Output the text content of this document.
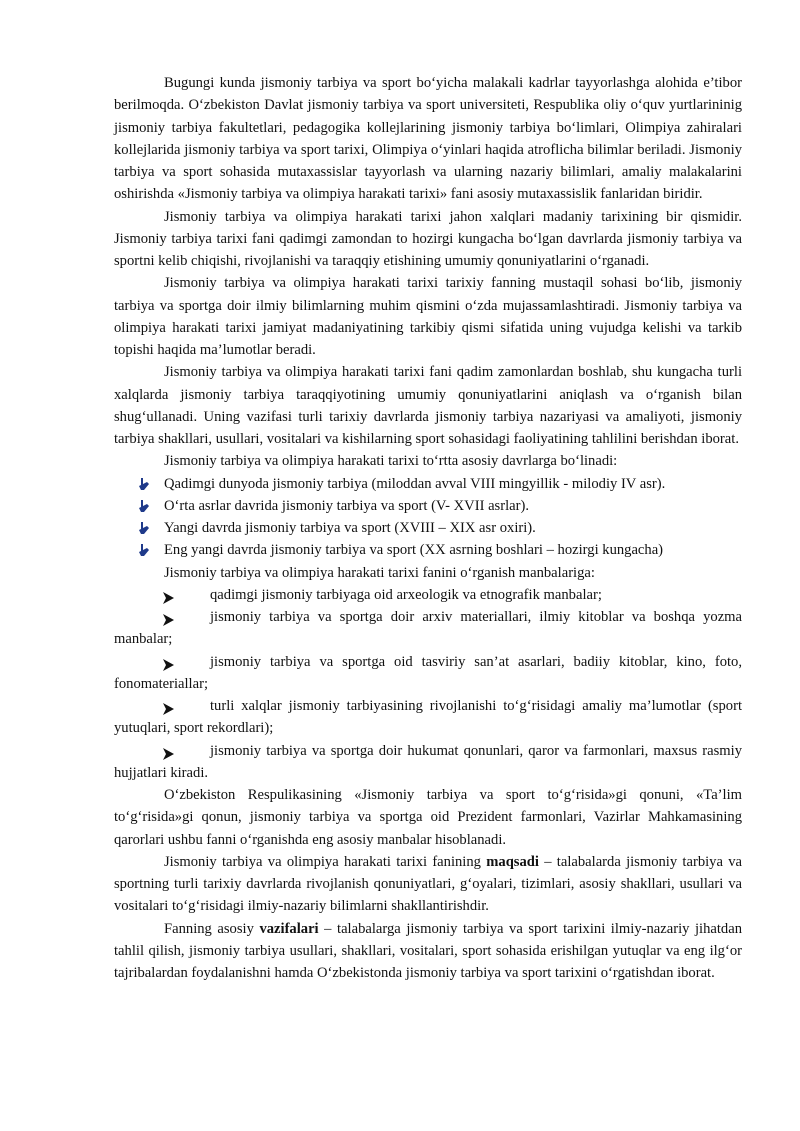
Bugungi kunda jismoniy tarbiya va sport bo‘yicha malakali kadrlar tayyorlashga alohida e’tibor berilmoqda. O‘zbekiston Davlat jismoniy tarbiya va sport universiteti, Respublika oliy o‘quv yurtlarininig jismoniy tarbiya fakultetlari, pedagogika kollejlarining jismoniy tarbiya bo‘limlari, Olimpiya zahiralari kollejlarida jismoniy tarbiya va sport tarixi, Olimpiya o‘yinlari haqida atroflicha bilimlar beriladi. Jismoniy tarbiya va sport sohasida mutaxassislar tayyorlash va ularning nazariy bilimlari, amaliy malakalarini oshirishda «Jismoniy tarbiya va olimpiya harakati tarixi» fani asosiy mutaxassislik fanlaridan biridir.

Jismoniy tarbiya va olimpiya harakati tarixi jahon xalqlari madaniy tarixining bir qismidir. Jismoniy tarbiya tarixi fani qadimgi zamondan to hozirgi kungacha bo‘lgan davrlarda jismoniy tarbiya va sportni kelib chiqishi, rivojlanishi va taraqqiy etishining umumiy qonuniyatlarini o‘rganadi.

Jismoniy tarbiya va olimpiya harakati tarixi tarixiy fanning mustaqil sohasi bo‘lib, jismoniy tarbiya va sportga doir ilmiy bilimlarning muhim qismini o‘zda mujassamlashtiradi. Jismoniy tarbiya va olimpiya harakati tarixi jamiyat madaniyatining tarkibiy qismi sifatida uning vujudga kelishi va tarkib topishi haqida ma’lumotlar beradi.

Jismoniy tarbiya va olimpiya harakati tarixi fani qadim zamonlardan boshlab, shu kungacha turli xalqlarda jismoniy tarbiya taraqqiyotining umumiy qonuniyatlarini aniqlash va o‘rganish bilan shug‘ullanadi. Uning vazifasi turli tarixiy davrlarda jismoniy tarbiya nazariyasi va amaliyoti, jismoniy tarbiya shakllari, usullari, vositalari va kishilarning sport sohasidagi faoliyatining tahlilini berishdan iborat.

Jismoniy tarbiya va olimpiya harakati tarixi to‘rtta asosiy davrlarga bo‘linadi:

Qadimgi dunyoda jismoniy tarbiya (miloddan avval VIII mingyillik - milodiy IV asr).

O‘rta asrlar davrida jismoniy tarbiya va sport (V- XVII asrlar).

Yangi davrda jismoniy tarbiya va sport (XVIII – XIX asr oxiri).

Eng yangi davrda jismoniy tarbiya va sport (XX asrning boshlari – hozirgi kungacha)

Jismoniy tarbiya va olimpiya harakati tarixi fanini o‘rganish manbalariga:

qadimgi jismoniy tarbiyaga oid arxeologik va etnografik manbalar;

jismoniy tarbiya va sportga doir arxiv materiallari, ilmiy kitoblar va boshqa yozma manbalar;

jismoniy tarbiya va sportga oid tasviriy san’at asarlari, badiiy kitoblar, kino, foto, fonomateriallar;

turli xalqlar jismoniy tarbiyasining rivojlanishi to‘g‘risidagi amaliy ma’lumotlar (sport yutuqlari, sport rekordlari);

jismoniy tarbiya va sportga doir hukumat qonunlari, qaror va farmonlari, maxsus rasmiy hujjatlari kiradi.

O‘zbekiston Respulikasining «Jismoniy tarbiya va sport to‘g‘risida»gi qonuni, «Ta’lim to‘g‘risida»gi qonun, jismoniy tarbiya va sportga oid Prezident farmonlari, Vazirlar Mahkamasining qarorlari ushbu fanni o‘rganishda eng asosiy manbalar hisoblanadi.

Jismoniy tarbiya va olimpiya harakati tarixi fanining maqsadi – talabalarda jismoniy tarbiya va sportning turli tarixiy davrlarda rivojlanish qonuniyatlari, g‘oyalari, tizimlari, asosiy shakllari, usullari va vositalari to‘g‘risidagi ilmiy-nazariy bilimlarni shakllantirishdir.

Fanning asosiy vazifalari – talabalarga jismoniy tarbiya va sport tarixini ilmiy-nazariy jihatdan tahlil qilish, jismoniy tarbiya usullari, shakllari, vositalari, sport sohasida erishilgan yutuqlar va eng ilg‘or tajribalardan foydalanishni hamda O‘zbekistonda jismoniy tarbiya va sport tarixini o‘rgatishdan iborat.
